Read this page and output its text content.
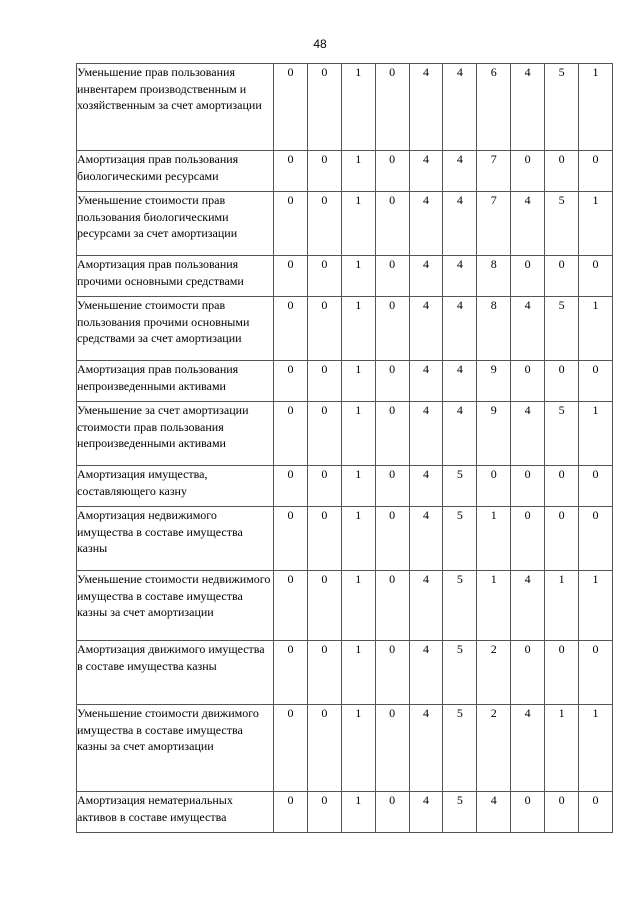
48
Уменьшение прав пользования инвентарем производственным и хозяйственным за счет амортизации	0	0	1	0	4	4	6	4	5	1
Амортизация прав пользования биологическими ресурсами	0	0	1	0	4	4	7	0	0	0
Уменьшение стоимости прав пользования биологическими ресурсами за счет амортизации	0	0	1	0	4	4	7	4	5	1
Амортизация прав пользования прочими основными средствами	0	0	1	0	4	4	8	0	0	0
Уменьшение стоимости прав пользования прочими основными средствами за счет амортизации	0	0	1	0	4	4	8	4	5	1
Амортизация прав пользования непроизведенными активами	0	0	1	0	4	4	9	0	0	0
Уменьшение за счет амортизации стоимости прав пользования непроизведенными активами	0	0	1	0	4	4	9	4	5	1
Амортизация имущества, составляющего казну	0	0	1	0	4	5	0	0	0	0
Амортизация недвижимого имущества в составе имущества казны	0	0	1	0	4	5	1	0	0	0
Уменьшение стоимости недвижимого имущества в составе имущества казны за счет амортизации	0	0	1	0	4	5	1	4	1	1
Амортизация движимого имущества в составе имущества казны	0	0	1	0	4	5	2	0	0	0
Уменьшение стоимости движимого имущества в составе имущества казны за счет амортизации	0	0	1	0	4	5	2	4	1	1
Амортизация нематериальных активов в составе имущества	0	0	1	0	4	5	4	0	0	0
